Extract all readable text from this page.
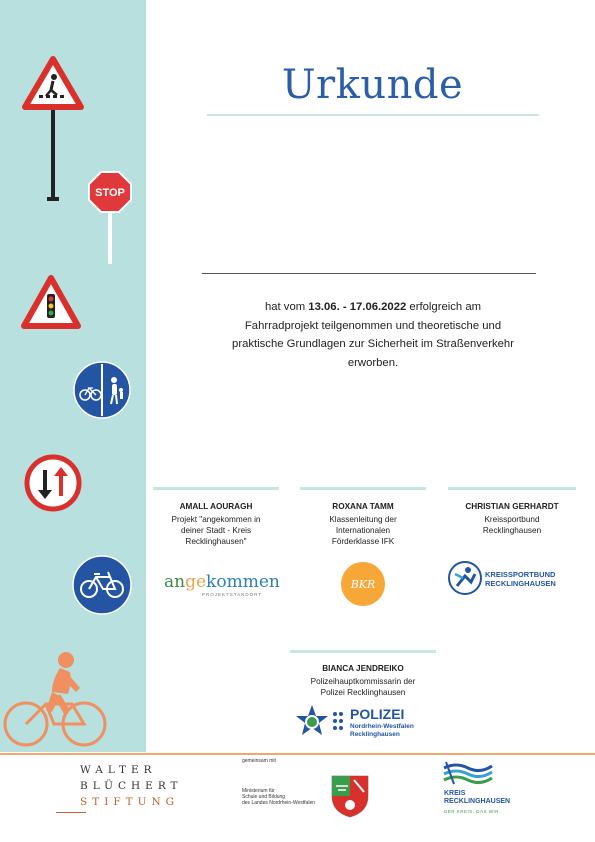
STOP
Urkunde
hat vom 13.06. - 17.06.2022 erfolgreich am
Fahrradprojekt teilgenommen und theoretische und
praktische Grundlagen zur Sicherheit im Straßenverkehr
erworben.
AMALL AOURAGH
Projekt "angekommen in
deiner Stadt - Kreis
Recklinghausen"
angekommen
PROJEKTSTANDORT
ROXANA TAMM
Klassenleitung der
Internationalen
Förderklasse IFK
BKR
CHRISTIAN GERHARDT
Kreissportbund
Recklinghausen
KREISSPORTBUND
RECKLINGHAUSEN
BIANCA JENDREIKO
Polizeihauptkommissarin der
Polizei Recklinghausen
POLIZEI
Nordrhein-Westfalen
Recklinghausen
WALTER
BLÜCHERT
STIFTUNG
gemeinsam mit
Ministerium für
Schule und Bildung
des Landes Nordrhein-Westfalen
KREIS
RECKLINGHAUSEN
DER KREIS. DAS WIR.
